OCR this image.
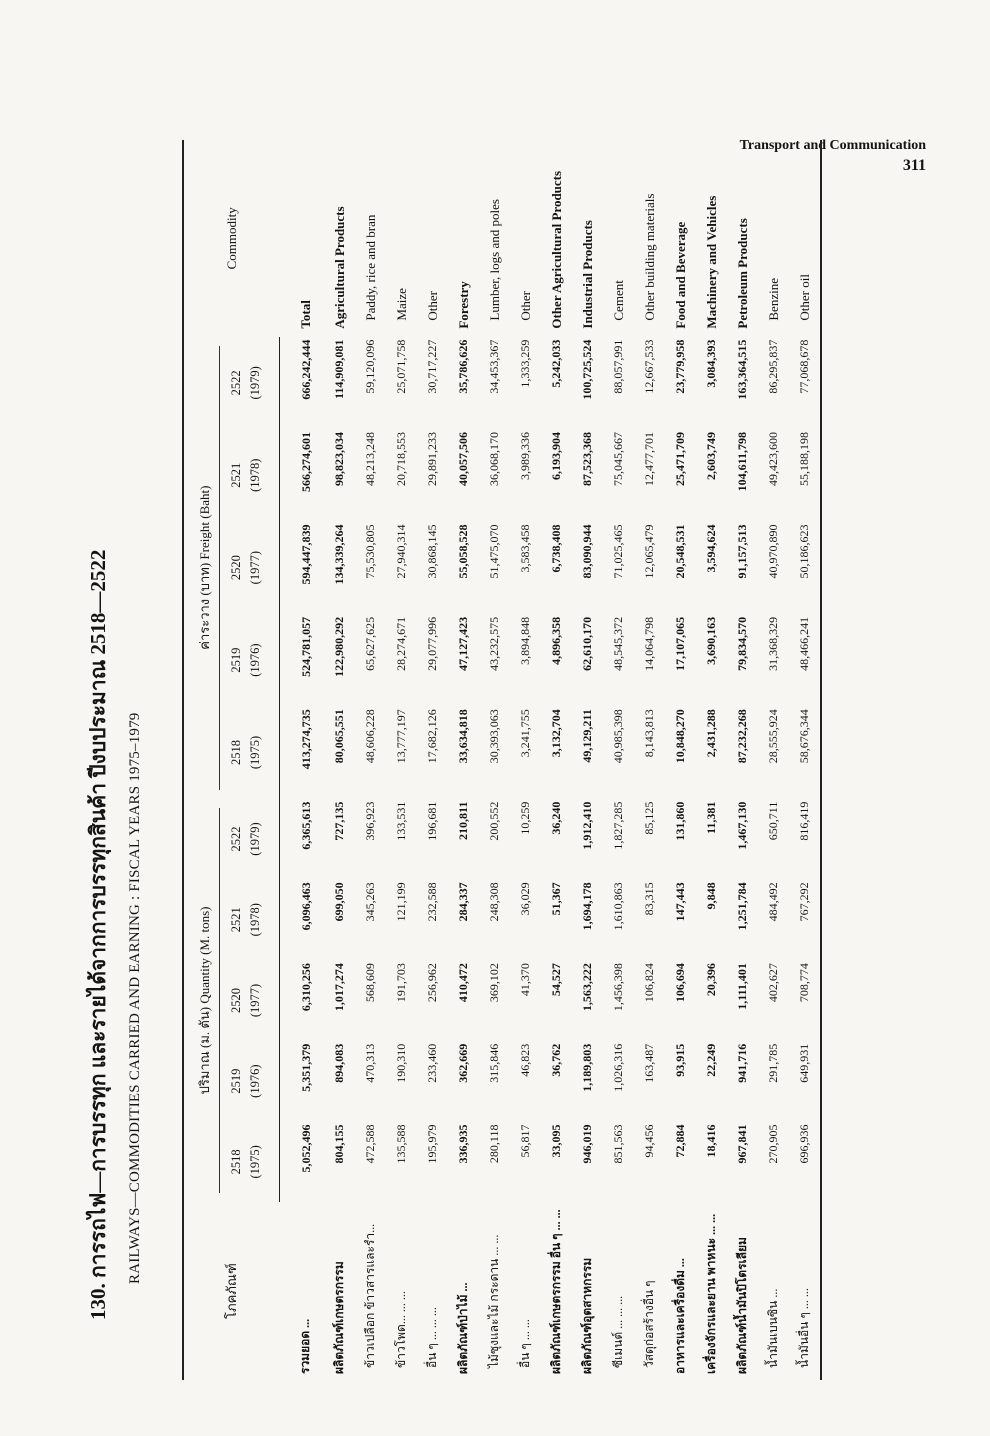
Transport and Communication
311
130. การรถไฟ—การบรรทุก และรายได้จากการบรรทุกสินค้า ปีงบประมาณ 2518—2522	RAILWAYS—COMMODITIES CARRIED AND EARNING : FISCAL YEARS 1975–1979
โภคภัณฑ์	ปริมาณ (ม. ตัน) Quantity (M. tons)					ค่าระวาง (บาท) Freight (Baht)					Commodity
	2518 (1975)	2519 (1976)	2520 (1977)	2521 (1978)	2522 (1979)	2518 (1975)	2519 (1976)	2520 (1977)	2521 (1978)	2522 (1979)	
รวมยอด ...	5,052,496	5,351,379	6,310,256	6,096,463	6,365,613	413,274,735	524,781,057	594,447,839	566,274,601	666,242,444	Total
ผลิตภัณฑ์เกษตรกรรม	804,155	894,083	1,017,274	699,050	727,135	80,065,551	122,980,292	134,339,264	98,823,034	114,909,081	Agricultural Products
ข้าวเปลือก ข้าวสารและรำ...	472,588	470,313	568,609	345,263	396,923	48,606,228	65,627,625	75,530,805	48,213,248	59,120,096	Paddy, rice and bran
ข้าวโพด... ... ...	135,588	190,310	191,703	121,199	133,531	13,777,197	28,274,671	27,940,314	20,718,553	25,071,758	Maize
อื่น ๆ ... ... ...	195,979	233,460	256,962	232,588	196,681	17,682,126	29,077,996	30,868,145	29,891,233	30,717,227	Other
ผลิตภัณฑ์ป่าไม้ ...	336,935	362,669	410,472	284,337	210,811	33,634,818	47,127,423	55,058,528	40,057,506	35,786,626	Forestry
ไม้ซุงและไม้ กระดาน ... ...	280,118	315,846	369,102	248,308	200,552	30,393,063	43,232,575	51,475,070	36,068,170	34,453,367	Lumber, logs and poles
อื่น ๆ ... ...	56,817	46,823	41,370	36,029	10,259	3,241,755	3,894,848	3,583,458	3,989,336	1,333,259	Other
ผลิตภัณฑ์เกษตรกรรม อื่น ๆ ... ...	33,095	36,762	54,527	51,367	36,240	3,132,704	4,896,358	6,738,408	6,193,904	5,242,033	Other Agricultural Products
ผลิตภัณฑ์อุตสาหกรรม	946,019	1,189,803	1,563,222	1,694,178	1,912,410	49,129,211	62,610,170	83,090,944	87,523,368	100,725,524	Industrial Products
ซีเมนต์ ... ... ...	851,563	1,026,316	1,456,398	1,610,863	1,827,285	40,985,398	48,545,372	71,025,465	75,045,667	88,057,991	Cement
วัสดุก่อสร้างอื่น ๆ	94,456	163,487	106,824	83,315	85,125	8,143,813	14,064,798	12,065,479	12,477,701	12,667,533	Other building materials
อาหารและเครื่องดื่ม ...	72,884	93,915	106,694	147,443	131,860	10,848,270	17,107,065	20,548,531	25,471,709	23,779,958	Food and Beverage
เครื่องจักรและยาน พาหนะ ... ...	18,416	22,249	20,396	9,848	11,381	2,431,288	3,690,163	3,594,624	2,603,749	3,084,393	Machinery and Vehicles
ผลิตภัณฑ์น้ำมันปิโตรเลียม	967,841	941,716	1,111,401	1,251,784	1,467,130	87,232,268	79,834,570	91,157,513	104,611,798	163,364,515	Petroleum Products
น้ำมันเบนซิน ...	270,905	291,785	402,627	484,492	650,711	28,555,924	31,368,329	40,970,890	49,423,600	86,295,837	Benzine
น้ำมันอื่น ๆ ... ...	696,936	649,931	708,774	767,292	816,419	58,676,344	48,466,241	50,186,623	55,188,198	77,068,678	Other oil
